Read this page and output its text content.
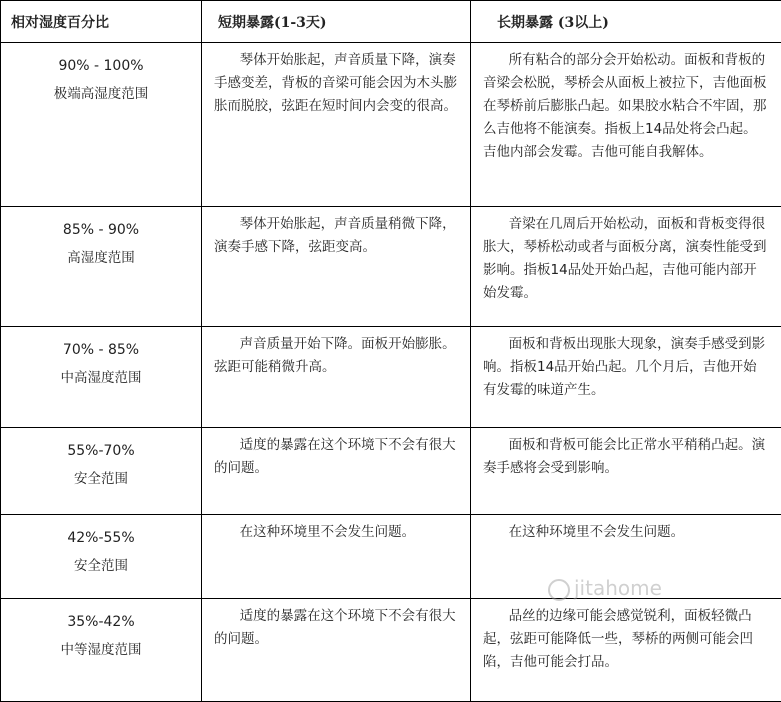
相对湿度百分比	短期暴露(1-3天)	长期暴露 (3以上)

90% - 100%
极端高湿度范围	琴体开始胀起，声音质量下降，演奏手感变差，背板的音梁可能会因为木头膨胀而脱胶，弦距在短时间内会变的很高。	所有粘合的部分会开始松动。面板和背板的音梁会松脱，琴桥会从面板上被拉下，吉他面板在琴桥前后膨胀凸起。如果胶水粘合不牢固，那么吉他将不能演奏。指板上14品处将会凸起。吉他内部会发霉。吉他可能自我解体。

85% - 90%
高湿度范围	琴体开始胀起，声音质量稍微下降，演奏手感下降，弦距变高。	音梁在几周后开始松动，面板和背板变得很胀大，琴桥松动或者与面板分离，演奏性能受到影响。指板14品处开始凸起，吉他可能内部开始发霉。

70% - 85%
中高湿度范围	声音质量开始下降。面板开始膨胀。弦距可能稍微升高。	面板和背板出现胀大现象，演奏手感受到影响。指板14品开始凸起。几个月后，吉他开始有发霉的味道产生。

55%-70%
安全范围	适度的暴露在这个环境下不会有很大的问题。	面板和背板可能会比正常水平稍稍凸起。演奏手感将会受到影响。

42%-55%
安全范围	在这种环境里不会发生问题。	在这种环境里不会发生问题。

35%-42%
中等湿度范围	适度的暴露在这个环境下不会有很大的问题。	品丝的边缘可能会感觉锐利，面板轻微凸起，弦距可能降低一些，琴桥的两侧可能会凹陷，吉他可能会打品。
jitahome
